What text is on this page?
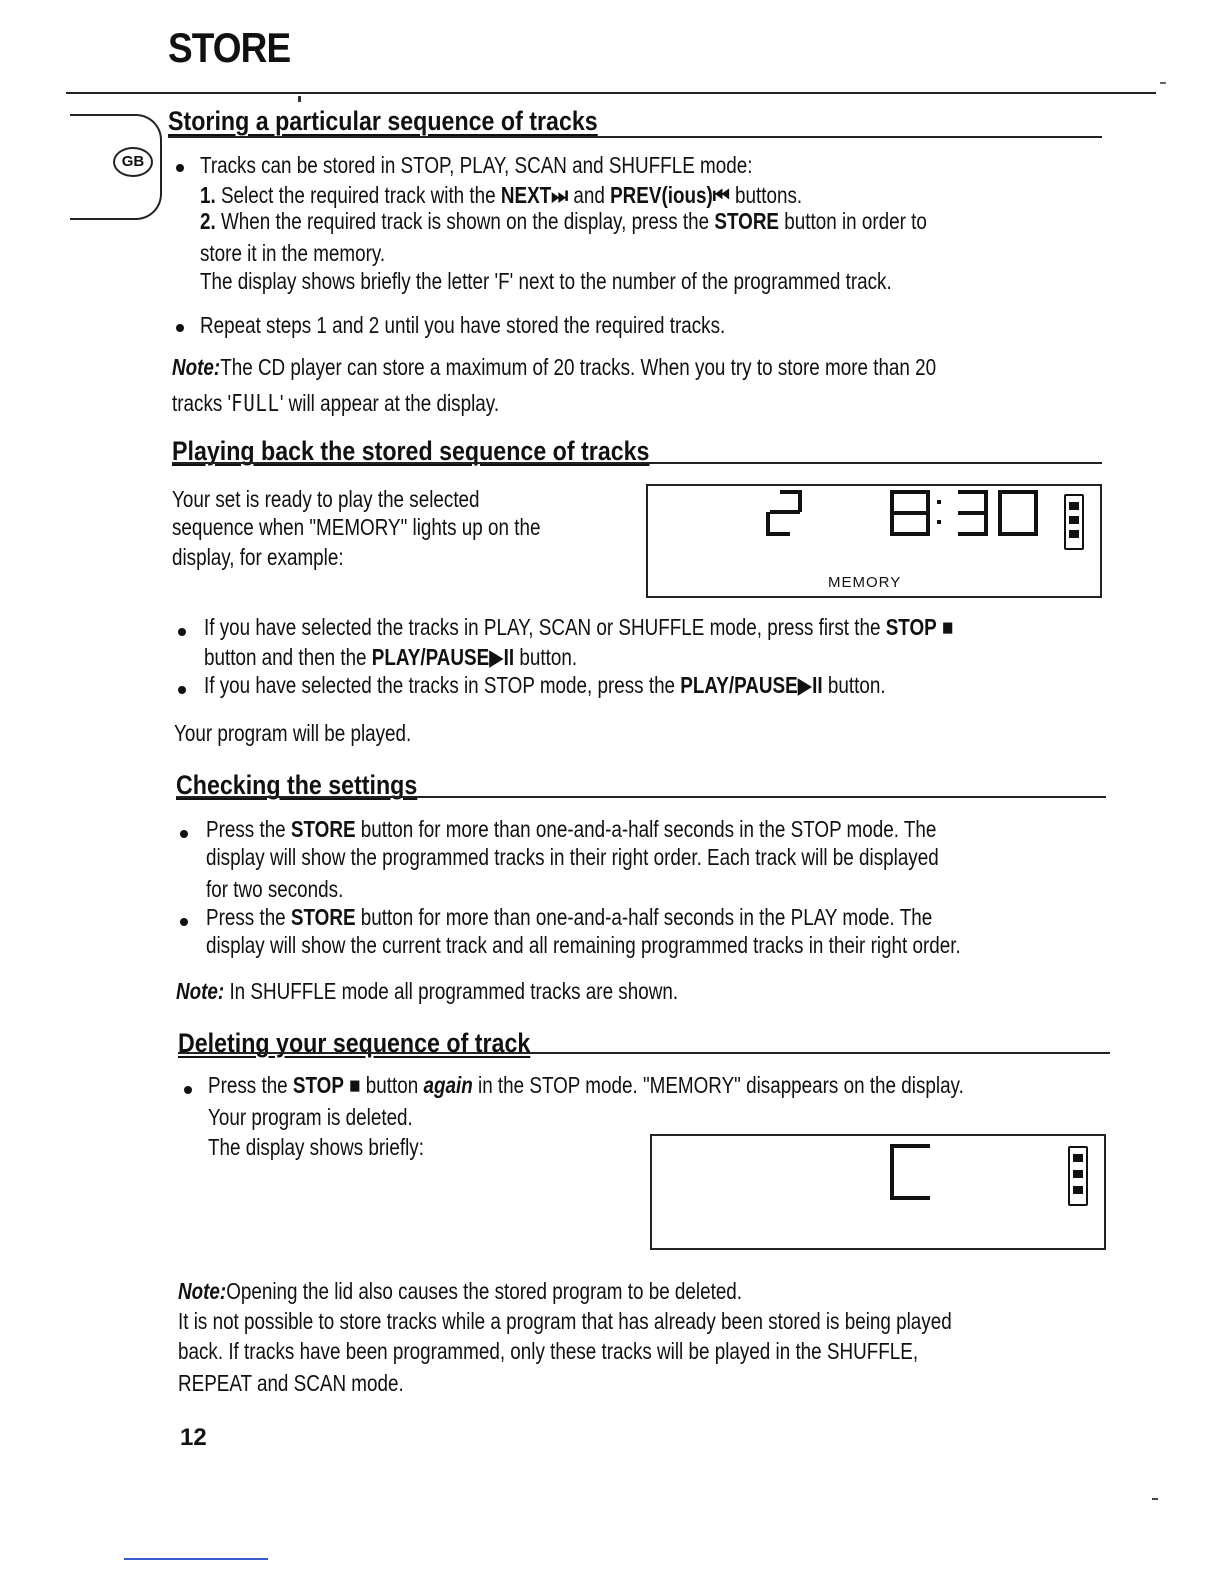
STORE
GB
Storing a particular sequence of tracks
Tracks can be stored in STOP, PLAY, SCAN and SHUFFLE mode:
1. Select the required track with the NEXT⏭ and PREV(ious)⏮ buttons.
2. When the required track is shown on the display, press the STORE button in order to
store it in the memory.
The display shows briefly the letter 'F' next to the number of the programmed track.
Repeat steps 1 and 2 until you have stored the required tracks.
Note:The CD player can store a maximum of 20 tracks. When you try to store more than 20
tracks 'FULL' will appear at the display.
Playing back the stored sequence of tracks
Your set is ready to play the selected
sequence when "MEMORY" lights up on the
display, for example:
MEMORY
If you have selected the tracks in PLAY, SCAN or SHUFFLE mode, press first the STOP ■
button and then the PLAY/PAUSE▶II button.
If you have selected the tracks in STOP mode, press the PLAY/PAUSE▶II button.
Your program will be played.
Checking the settings
Press the STORE button for more than one-and-a-half seconds in the STOP mode. The
display will show the programmed tracks in their right order. Each track will be displayed
for two seconds.
Press the STORE button for more than one-and-a-half seconds in the PLAY mode. The
display will show the current track and all remaining programmed tracks in their right order.
Note: In SHUFFLE mode all programmed tracks are shown.
Deleting your sequence of track
Press the STOP ■ button again in the STOP mode. "MEMORY" disappears on the display.
Your program is deleted.
The display shows briefly:
Note:Opening the lid also causes the stored program to be deleted.
It is not possible to store tracks while a program that has already been stored is being played
back. If tracks have been programmed, only these tracks will be played in the SHUFFLE,
REPEAT and SCAN mode.
12
